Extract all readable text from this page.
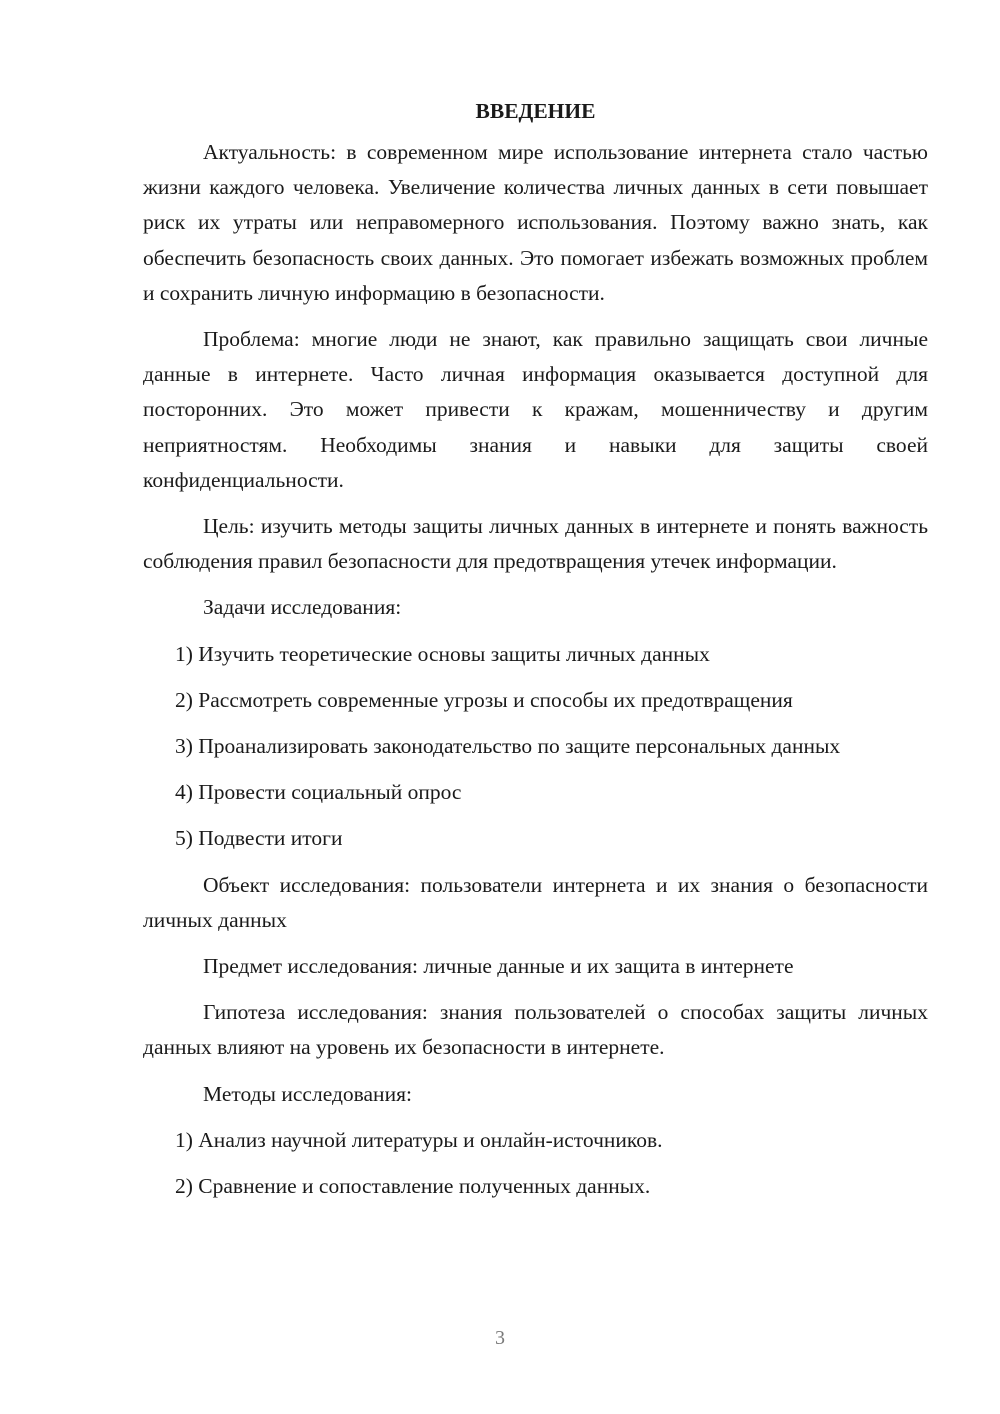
ВВЕДЕНИЕ

Актуальность: в современном мире использование интернета стало частью жизни каждого человека. Увеличение количества личных данных в сети повышает риск их утраты или неправомерного использования. Поэтому важно знать, как обеспечить безопасность своих данных. Это помогает избежать возможных проблем и сохранить личную информацию в безопасности.

Проблема: многие люди не знают, как правильно защищать свои личные данные в интернете. Часто личная информация оказывается доступной для посторонних. Это может привести к кражам, мошенничеству и другим неприятностям. Необходимы знания и навыки для защиты своей конфиденциальности.

Цель: изучить методы защиты личных данных в интернете и понять важность соблюдения правил безопасности для предотвращения утечек информации.

Задачи исследования:

1) Изучить теоретические основы защиты личных данных

2) Рассмотреть современные угрозы и способы их предотвращения

3) Проанализировать законодательство по защите персональных данных

4) Провести социальный опрос

5) Подвести итоги

Объект исследования: пользователи интернета и их знания о безопасности личных данных

Предмет исследования: личные данные и их защита в интернете

Гипотеза исследования: знания пользователей о способах защиты личных данных влияют на уровень их безопасности в интернете.

Методы исследования:

1) Анализ научной литературы и онлайн-источников.

2) Сравнение и сопоставление полученных данных.

3
